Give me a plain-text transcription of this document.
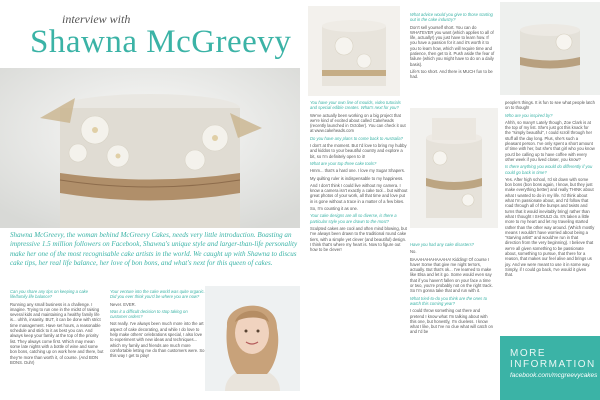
interview with
Shawna McGreevy
Shawna McGreevy, the woman behind McGreevy Cakes, needs very little introduction. Boasting an impressive 1.5 million followers on Facebook, Shawna's unique style and larger-than-life personality make her one of the most recognisable cake artists in the world. We caught up with Shawna to discus cake tips, her real life balance, her love of bon bons, and what's next for this queen of cakes.

Can you share any tips on keeping a cake life/family life balance?

Running any small business is a challenge. I imagine. Trying to run one in the midst of raising several kids and maintaining a healthy family life is... uhhh, insanity. BUT, it can be done with strict time management. Have set hours, a reasonable schedule and stick to it as best you can. And always keep your family at the top of the priority list. They always come first. Which may mean some late nights with a bottle of wine and some bon bons, catching up on work here and there, but they're more than worth it, of course. (And BON BONS. Duh!)

Your venture into the cake world was quite organic. Did you ever think you'd be where you are now?

Never. EVER.

Was it a difficult decision to stop taking on customer orders?

Not really. I've always been much more into the art aspect of cake decorating, and while I do love to help make others' celebrations special, I also love to experiment with new ideas and techniques... which my family and friends are much more comfortable letting me do than customers were. So this way I get to play!

You have your own line of moulds, video tutorials and special edible creates. What's next for you?

We've actually been working on a big project that we're kind of excited about called Cakeheads (recently launched in October). You can check it out at www.cakeheads.com

Do you have any plans to come back to Australia?

I don't at the moment. But I'd love to bring my hubby and kiddos to your beautiful country and explore a bit, so I'm definitely open to it!

What are your top three cake tools?

Hmm... that's a hard one. I love my Sugar Shapers.

My quilting ruler is indispensable to my happiness.

And I don't think I could live without my camera. I know a camera isn't exactly a cake tool... but without great photos of your work, all that time and love put in is gone without a trace in a matter of a few bites.

So, I'm counting it as one.

Your cake designs are all so diverse, is there a particular style you are drawn to the most?

Sculpted cakes are cool and often mind blowing, but I've always been drawn to the traditional round cake tiers, with a simple yet clever (and beautiful) design. I think that's where my heart is. Now to figure out how to be clever!

What advice would you give to those starting out in the cake industry?

Don't sell yourself short. You can do WHATEVER you want (which applies to all of life, actually!) you just have to learn how. If you have a passion for it and it's worth it to you to learn how, which will require time and patience, then get to it. Push aside the fear of failure (which you might have to do on a daily basis).

Life's too short. And there is MUCH fun to be had.

Have you had any cake disasters?

No.

BAAAHAHAHAAAHA! Kidding! Of course I have! Some that give me night terrors, actually. But that's ok... I've learned to make like Elsa and let it go. Some would even say that if you haven't fallen on your face a time or two, you're probably not on the right track. So I'm gonna take that and run with it.

What tried-to-do you think are the ones to watch this coming year?

I could throw something out there and pretend I know what I'm talking about with this one, but honestly, I'm clueless. I know what I like, but I've no clue what will catch on and I'd be

people's things. It is fun to see what people latch on to though!

Who are you inspired by?

Ahhh, so many!! Lately though, Zoe Clark is at the top of my list. She's just got this knack for the "simply beautiful", I could scroll through her stuff all the day long. Plus, she's such a pleasant person. I've only spent a short amount of time with her, but she's that girl who you know you'd be calling up to have coffee with every other week if you lived closer, you know?

Is there anything you would do differently if you could go back in time?

Yes. After high school, I'd sit down with some bon bons (bon bons again, I know, but they just make everything better) and really THINK about what I wanted to do in my life. I'd think about what I'm passionate about, and I'd follow that road through all of the bumps and twists and turns that it would inevitably bring) rather than what I thought I SHOULD do. It's taken a little more to my heart and let my traveling started rather than the other way around. (Which mostly means I wouldn't have worried about being a "starving artist" and would've run in that direction from the very beginning). I believe that we're all given something to be passionate about, something to pursue, that there for a reason, that makes our feel alive and brings us joy. And we were meant to use it in some way. Simply, if I could go back, I've would it given that.

MORE INFORMATION
facebook.com/mcgreevycakes
